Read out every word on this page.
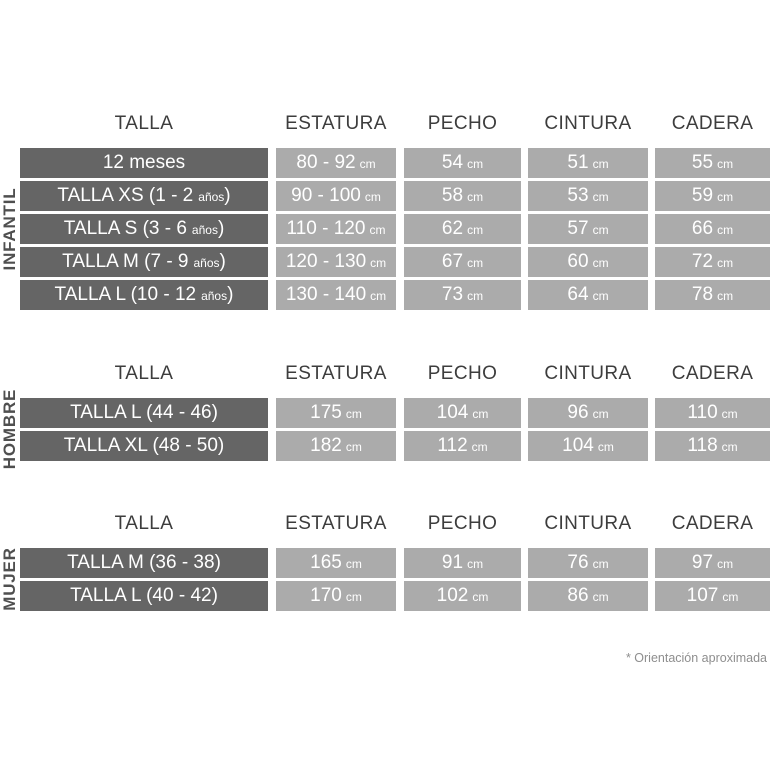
INFANTIL
TALLA	ESTATURA	PECHO	CINTURA	CADERA
12 meses	80 - 92 cm	54 cm	51 cm	55 cm
TALLA XS (1 - 2 años)	90 - 100 cm	58 cm	53 cm	59 cm
TALLA S (3 - 6 años)	110 - 120 cm	62 cm	57 cm	66 cm
TALLA M (7 - 9 años)	120 - 130 cm	67 cm	60 cm	72 cm
TALLA L (10 - 12 años)	130 - 140 cm	73 cm	64 cm	78 cm
HOMBRE
TALLA	ESTATURA	PECHO	CINTURA	CADERA
TALLA L (44 - 46)	175 cm	104 cm	96 cm	110 cm
TALLA XL (48 - 50)	182 cm	112 cm	104 cm	118 cm
MUJER
TALLA	ESTATURA	PECHO	CINTURA	CADERA
TALLA M (36 - 38)	165 cm	91 cm	76 cm	97 cm
TALLA L (40 - 42)	170 cm	102 cm	86 cm	107 cm
* Orientación aproximada
